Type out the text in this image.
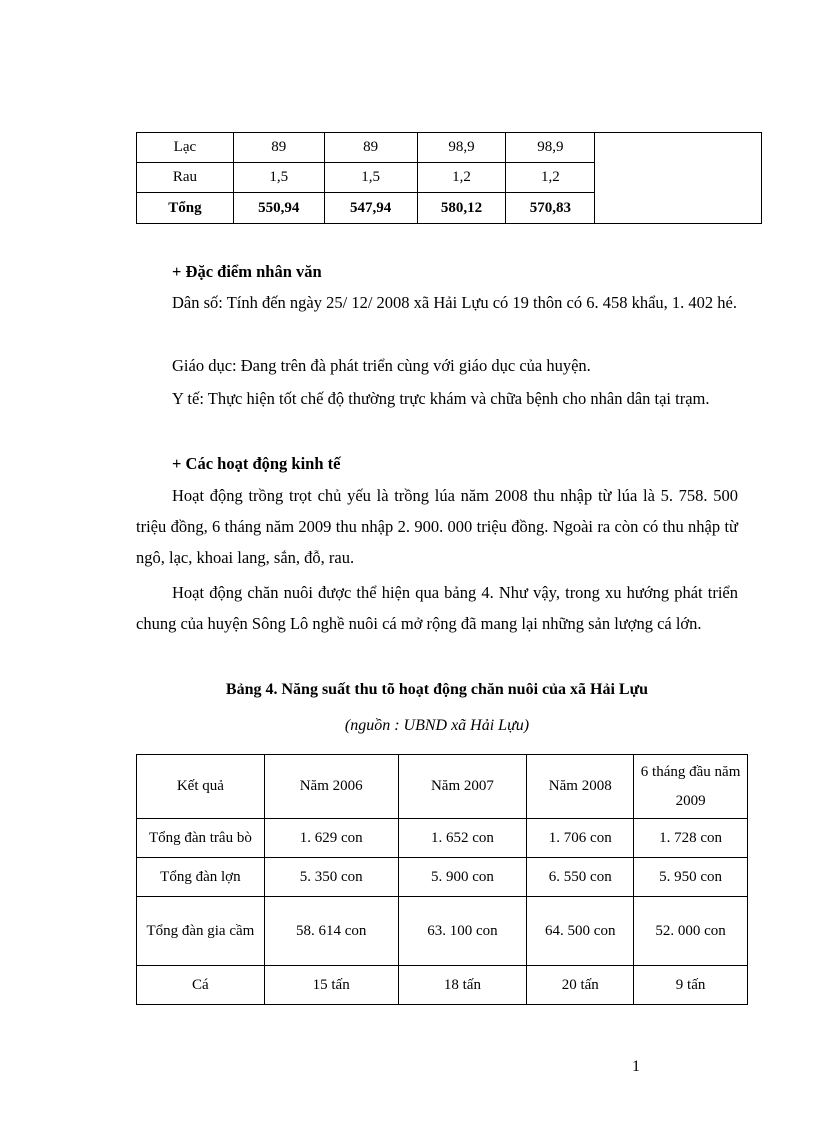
Lạc	89	89	98,9	98,9	
Rau	1,5	1,5	1,2	1,2	
Tổng	550,94	547,94	580,12	570,83	

+ Đặc điểm nhân văn

Dân số: Tính đến ngày 25/ 12/ 2008 xã Hải Lựu có 19 thôn có 6. 458 khẩu, 1. 402 hé.

Giáo dục: Đang trên đà phát triển cùng với giáo dục của huyện.

Y tế: Thực hiện tốt chế độ thường trực khám và chữa bệnh cho nhân dân tại trạm.

+ Các hoạt động kinh tế

Hoạt động trồng trọt chủ yếu là trồng lúa năm 2008 thu nhập từ lúa là 5. 758. 500 triệu đồng, 6 tháng năm 2009 thu nhập 2. 900. 000 triệu đồng. Ngoài ra còn có thu nhập từ ngô, lạc, khoai lang, sắn, đỗ, rau.

Hoạt động chăn nuôi được thể hiện qua bảng 4. Như vậy, trong xu hướng phát triển chung của huyện Sông Lô nghề nuôi cá mở rộng đã mang lại những sản lượng cá lớn.

Bảng 4. Năng suất thu tõ hoạt động chăn nuôi của xã Hải Lựu
(nguồn : UBND xã Hải Lựu)
Kết quả	Năm 2006	Năm 2007	Năm 2008	6 tháng đầu năm 2009
Tổng đàn trâu bò	1. 629 con	1. 652 con	1. 706 con	1. 728 con
Tổng đàn lợn	5. 350 con	5. 900 con	6. 550 con	5. 950 con
Tổng đàn gia cầm	58. 614 con	63. 100 con	64. 500 con	52. 000 con
Cá	15 tấn	18 tấn	20 tấn	9 tấn
1
